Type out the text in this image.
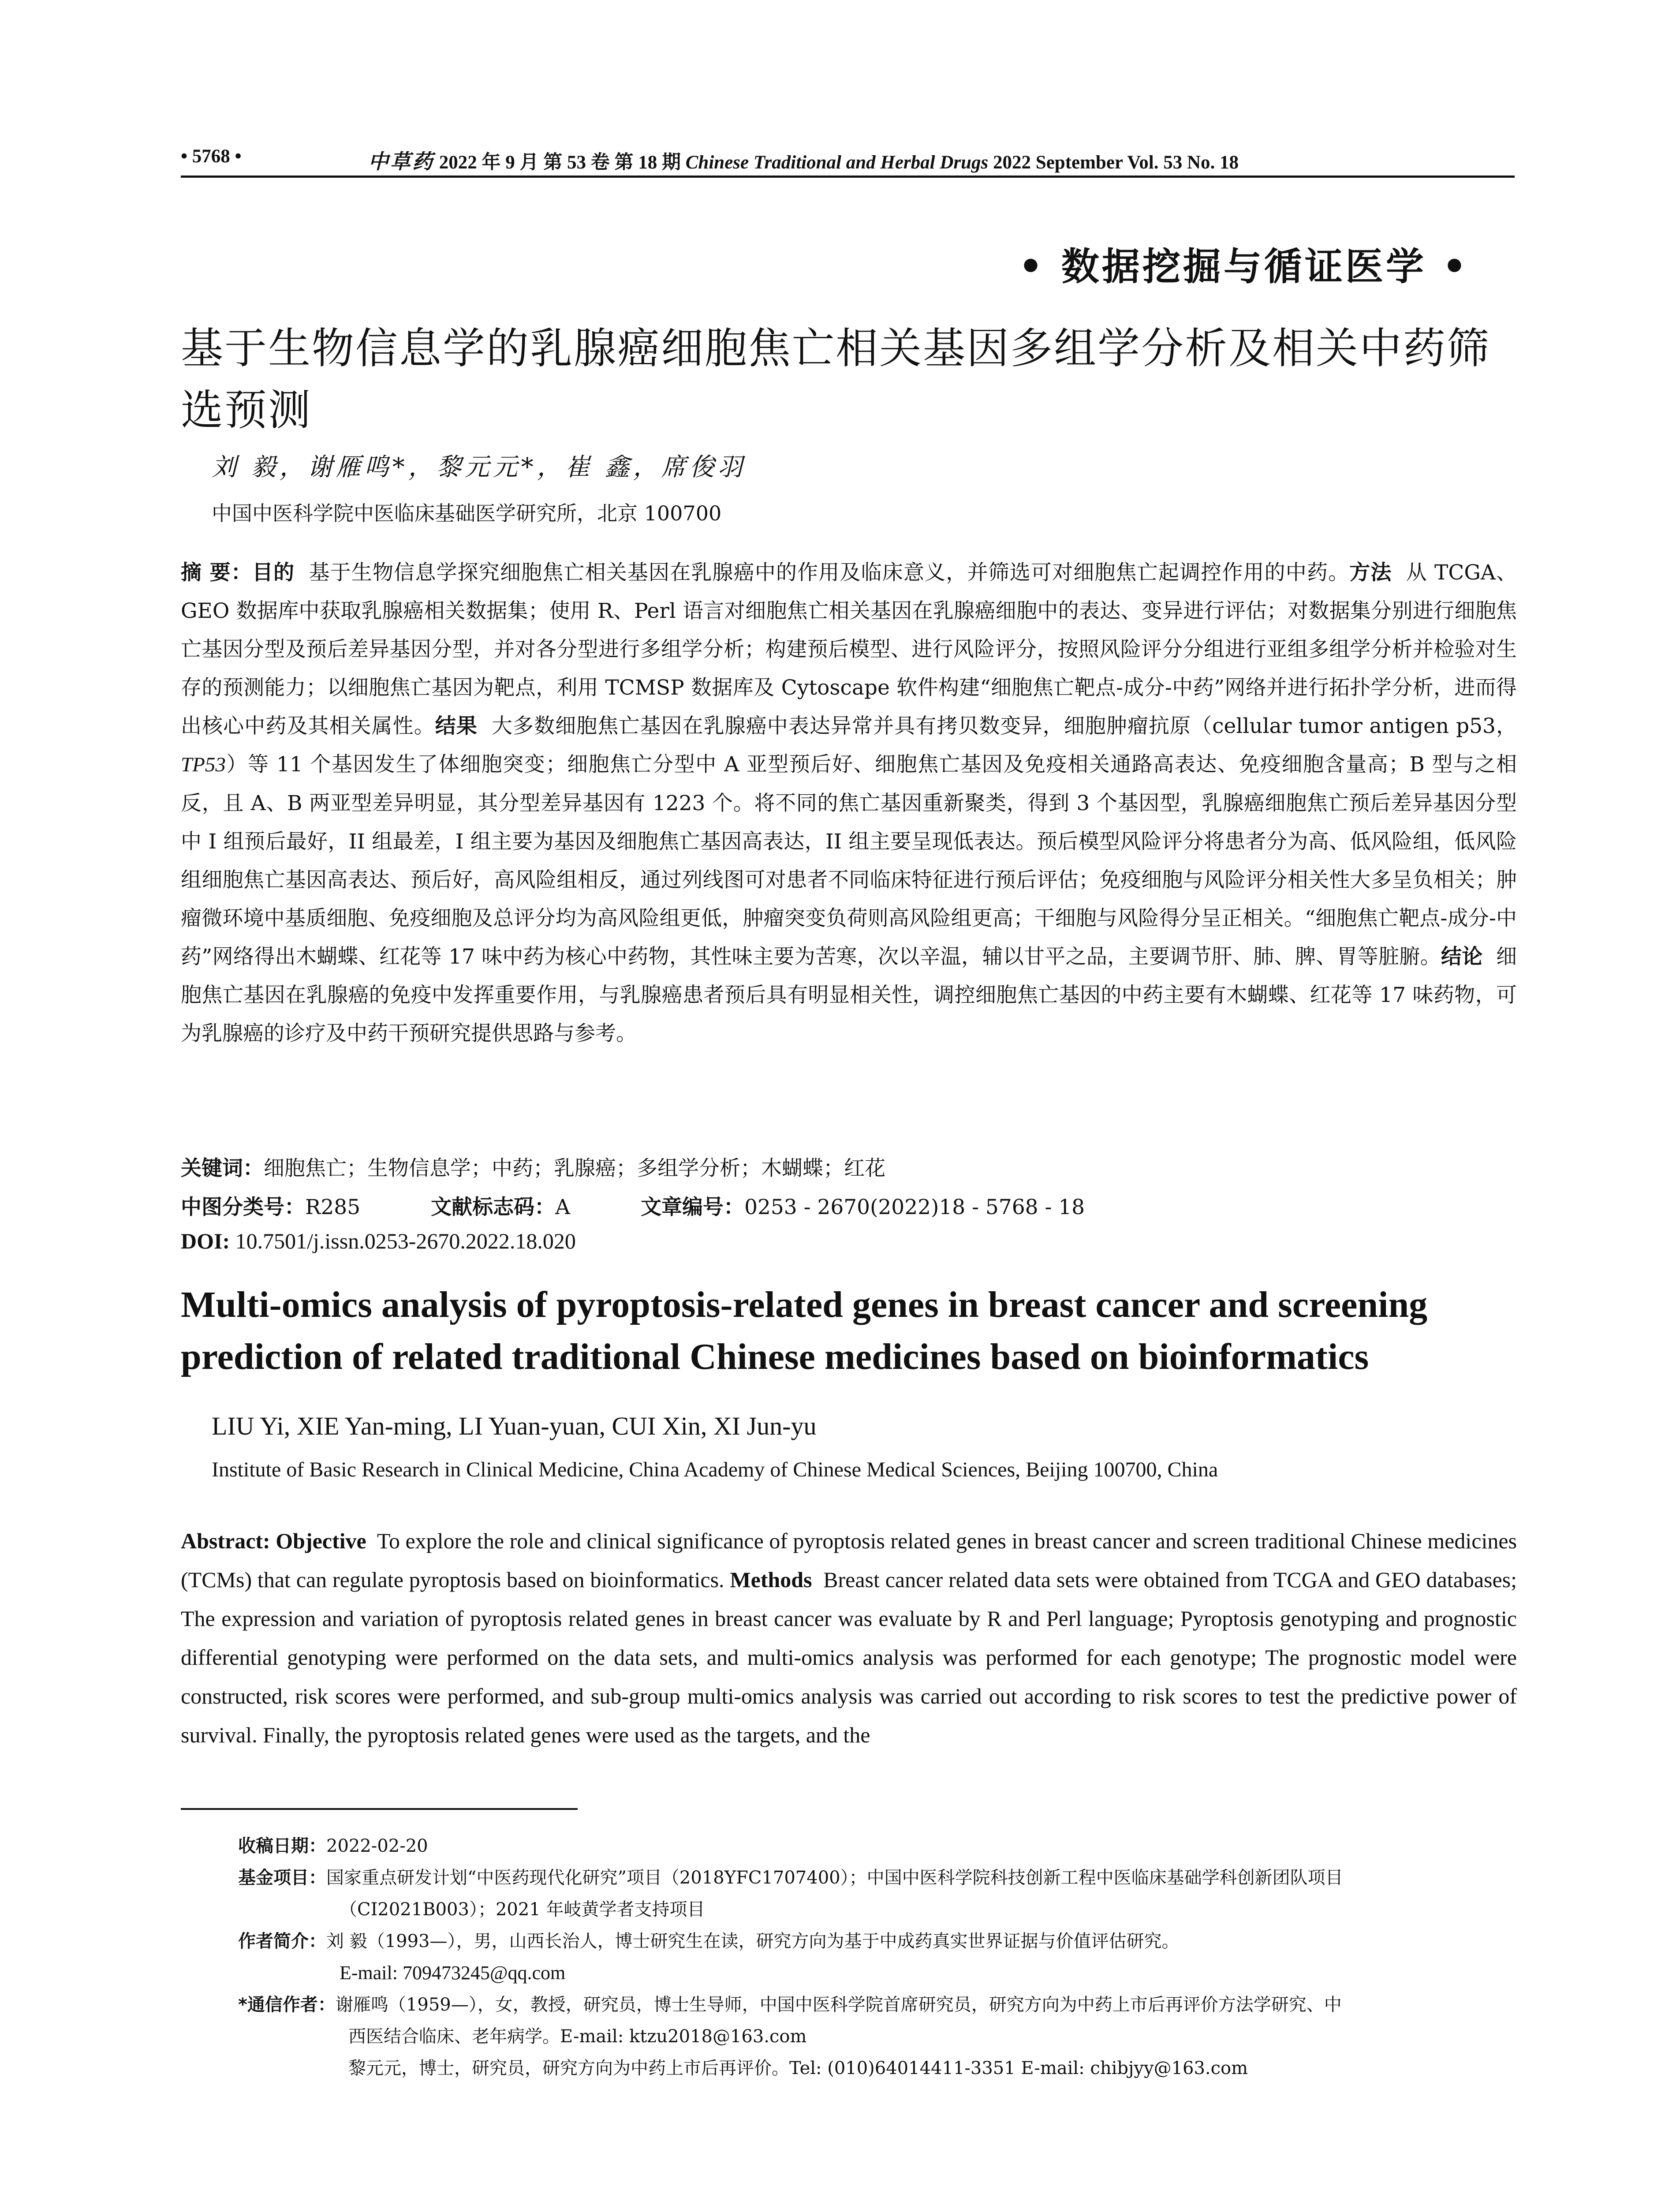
• 5768 •	中草药 2022 年 9 月 第 53 卷 第 18 期 Chinese Traditional and Herbal Drugs 2022 September Vol. 53 No. 18
• 数据挖掘与循证医学 •
基于生物信息学的乳腺癌细胞焦亡相关基因多组学分析及相关中药筛选预测
刘 毅，谢雁鸣*，黎元元*，崔 鑫，席俊羽
中国中医科学院中医临床基础医学研究所，北京 100700
摘 要：目的 基于生物信息学探究细胞焦亡相关基因在乳腺癌中的作用及临床意义，并筛选可对细胞焦亡起调控作用的中药。方法 从 TCGA、GEO 数据库中获取乳腺癌相关数据集；使用 R、Perl 语言对细胞焦亡相关基因在乳腺癌细胞中的表达、变异进行评估；对数据集分别进行细胞焦亡基因分型及预后差异基因分型，并对各分型进行多组学分析；构建预后模型、进行风险评分，按照风险评分分组进行亚组多组学分析并检验对生存的预测能力；以细胞焦亡基因为靶点，利用 TCMSP 数据库及 Cytoscape 软件构建“细胞焦亡靶点-成分-中药”网络并进行拓扑学分析，进而得出核心中药及其相关属性。结果 大多数细胞焦亡基因在乳腺癌中表达异常并具有拷贝数变异，细胞肿瘤抗原（cellular tumor antigen p53，TP53）等 11 个基因发生了体细胞突变；细胞焦亡分型中 A 亚型预后好、细胞焦亡基因及免疫相关通路高表达、免疫细胞含量高；B 型与之相反，且 A、B 两亚型差异明显，其分型差异基因有 1223 个。将不同的焦亡基因重新聚类，得到 3 个基因型，乳腺癌细胞焦亡预后差异基因分型中 I 组预后最好，II 组最差，I 组主要为基因及细胞焦亡基因高表达，II 组主要呈现低表达。预后模型风险评分将患者分为高、低风险组，低风险组细胞焦亡基因高表达、预后好，高风险组相反，通过列线图可对患者不同临床特征进行预后评估；免疫细胞与风险评分相关性大多呈负相关；肿瘤微环境中基质细胞、免疫细胞及总评分均为高风险组更低，肿瘤突变负荷则高风险组更高；干细胞与风险得分呈正相关。“细胞焦亡靶点-成分-中药”网络得出木蝴蝶、红花等 17 味中药为核心中药物，其性味主要为苦寒，次以辛温，辅以甘平之品，主要调节肝、肺、脾、胃等脏腑。结论 细胞焦亡基因在乳腺癌的免疫中发挥重要作用，与乳腺癌患者预后具有明显相关性，调控细胞焦亡基因的中药主要有木蝴蝶、红花等 17 味药物，可为乳腺癌的诊疗及中药干预研究提供思路与参考。
关键词：细胞焦亡；生物信息学；中药；乳腺癌；多组学分析；木蝴蝶；红花
中图分类号：R285	文献标志码：A	文章编号：0253 - 2670(2022)18 - 5768 - 18
DOI: 10.7501/j.issn.0253-2670.2022.18.020
Multi-omics analysis of pyroptosis-related genes in breast cancer and screening prediction of related traditional Chinese medicines based on bioinformatics
LIU Yi, XIE Yan-ming, LI Yuan-yuan, CUI Xin, XI Jun-yu
Institute of Basic Research in Clinical Medicine, China Academy of Chinese Medical Sciences, Beijing 100700, China
Abstract: Objective To explore the role and clinical significance of pyroptosis related genes in breast cancer and screen traditional Chinese medicines (TCMs) that can regulate pyroptosis based on bioinformatics. Methods Breast cancer related data sets were obtained from TCGA and GEO databases; The expression and variation of pyroptosis related genes in breast cancer was evaluate by R and Perl language; Pyroptosis genotyping and prognostic differential genotyping were performed on the data sets, and multi-omics analysis was performed for each genotype; The prognostic model were constructed, risk scores were performed, and sub-group multi-omics analysis was carried out according to risk scores to test the predictive power of survival. Finally, the pyroptosis related genes were used as the targets, and the
收稿日期：2022-02-20
基金项目：国家重点研发计划“中医药现代化研究”项目（2018YFC1707400）；中国中医科学院科技创新工程中医临床基础学科创新团队项目
（CI2021B003）；2021 年岐黄学者支持项目
作者简介：刘 毅（1993—），男，山西长治人，博士研究生在读，研究方向为基于中成药真实世界证据与价值评估研究。
E-mail: 709473245@qq.com
*通信作者：谢雁鸣（1959—），女，教授，研究员，博士生导师，中国中医科学院首席研究员，研究方向为中药上市后再评价方法学研究、中
西医结合临床、老年病学。E-mail: ktzu2018@163.com
黎元元，博士，研究员，研究方向为中药上市后再评价。Tel: (010)64014411-3351 E-mail: chibjyy@163.com
